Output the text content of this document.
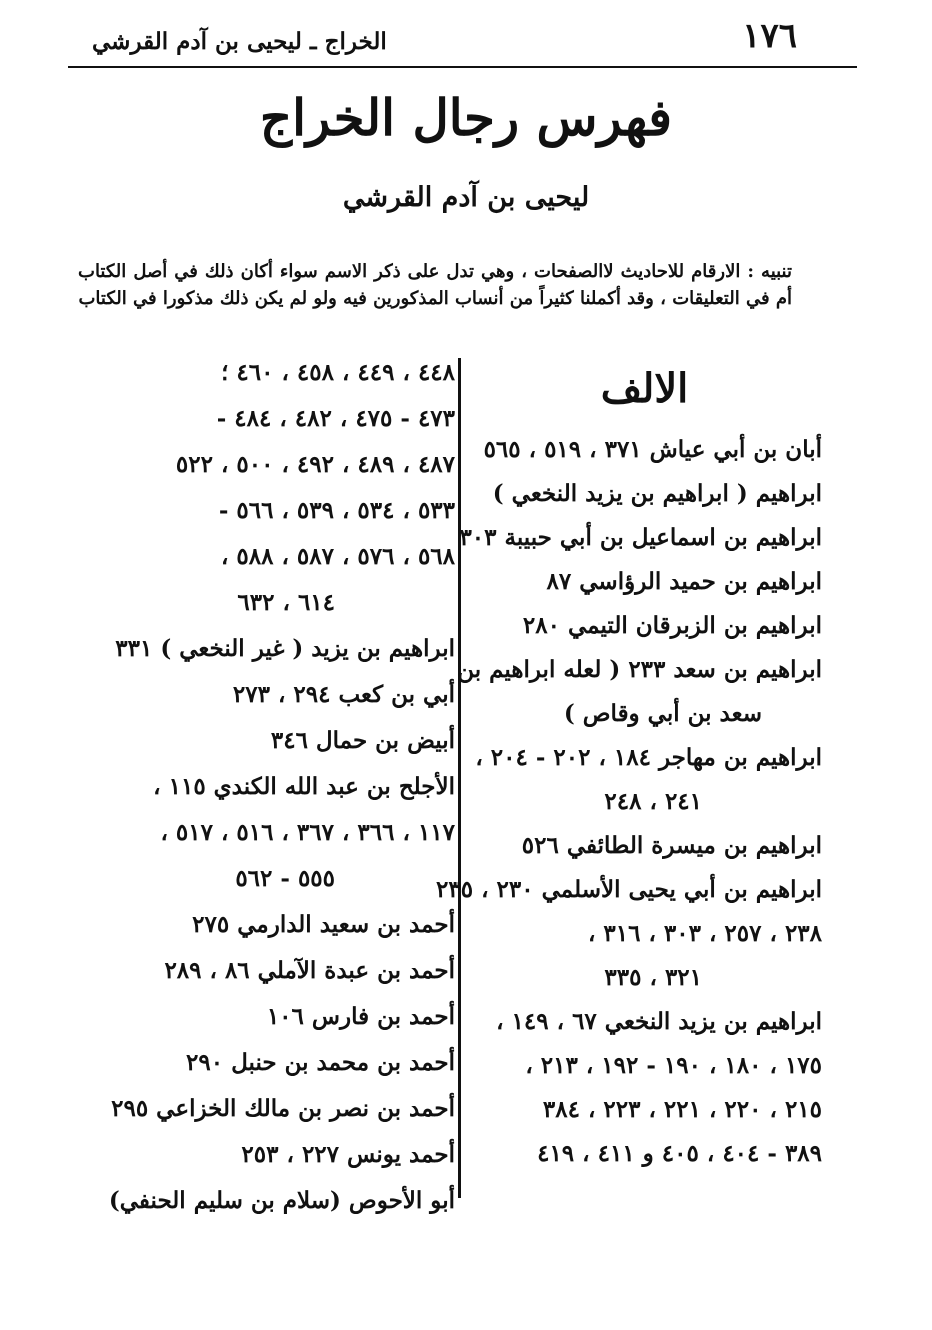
١٧٦
الخراج ـ ليحيى بن آدم القرشي
فهرس رجال الخراج
ليحيى بن آدم القرشي
تنبيه : الارقام للاحاديث لاالصفحات ، وهي تدل على ذكر الاسم سواء أكان ذلك في أصل الكتاب أم في التعليقات ، وقد أكملنا كثيراً من أنساب المذكورين فيه ولو لم يكن ذلك مذكورا في الكتاب
الالف
أبان بن أبي عياش ٣٧١ ، ٥١٩ ، ٥٦٥
ابراهيم ( ابراهيم بن يزيد النخعي )
ابراهيم بن اسماعيل بن أبي حبيبة ٣٠٣
ابراهيم بن حميد الرؤاسي ٨٧
ابراهيم بن الزبرقان التيمي ٢٨٠
ابراهيم بن سعد ٢٣٣ ( لعله ابراهيم بن
سعد بن أبي وقاص )
ابراهيم بن مهاجر ١٨٤ ، ٢٠٢ - ٢٠٤ ،
٢٤١ ، ٢٤٨
ابراهيم بن ميسرة الطائفي ٥٢٦
ابراهيم بن أبي يحيى الأسلمي ٢٣٠ ، ٢٣٥
٢٣٨ ، ٢٥٧ ، ٣٠٣ ، ٣١٦ ،
٣٢١ ، ٣٣٥
ابراهيم بن يزيد النخعي ٦٧ ، ١٤٩ ،
١٧٥ ، ١٨٠ ، ١٩٠ - ١٩٢ ، ٢١٣ ،
٢١٥ ، ٢٢٠ ، ٢٢١ ، ٢٢٣ ، ٣٨٤
٣٨٩ - ٤٠٤ ، ٤٠٥ و ٤١١ ، ٤١٩
٤٤٨ ، ٤٤٩ ، ٤٥٨ ، ٤٦٠ ؛
٤٧٣ - ٤٧٥ ، ٤٨٢ ، ٤٨٤ -
٤٨٧ ، ٤٨٩ ، ٤٩٢ ، ٥٠٠ ، ٥٢٢
٥٣٣ ، ٥٣٤ ، ٥٣٩ ، ٥٦٦ -
٥٦٨ ، ٥٧٦ ، ٥٨٧ ، ٥٨٨ ،
٦١٤ ، ٦٣٢
ابراهيم بن يزيد ( غير النخعي ) ٣٣١
أبي بن كعب ٢٩٤ ، ٢٧٣
أبيض بن حمال ٣٤٦
الأجلح بن عبد الله الكندي ١١٥ ،
١١٧ ، ٣٦٦ ، ٣٦٧ ، ٥١٦ ، ٥١٧ ،
٥٥٥ - ٥٦٢
أحمد بن سعيد الدارمي ٢٧٥
أحمد بن عبدة الآملي ٨٦ ، ٢٨٩
أحمد بن فارس ١٠٦
أحمد بن محمد بن حنبل ٢٩٠
أحمد بن نصر بن مالك الخزاعي ٢٩٥
أحمد يونس ٢٢٧ ، ٢٥٣
أبو الأحوص (سلام بن سليم الحنفي)
